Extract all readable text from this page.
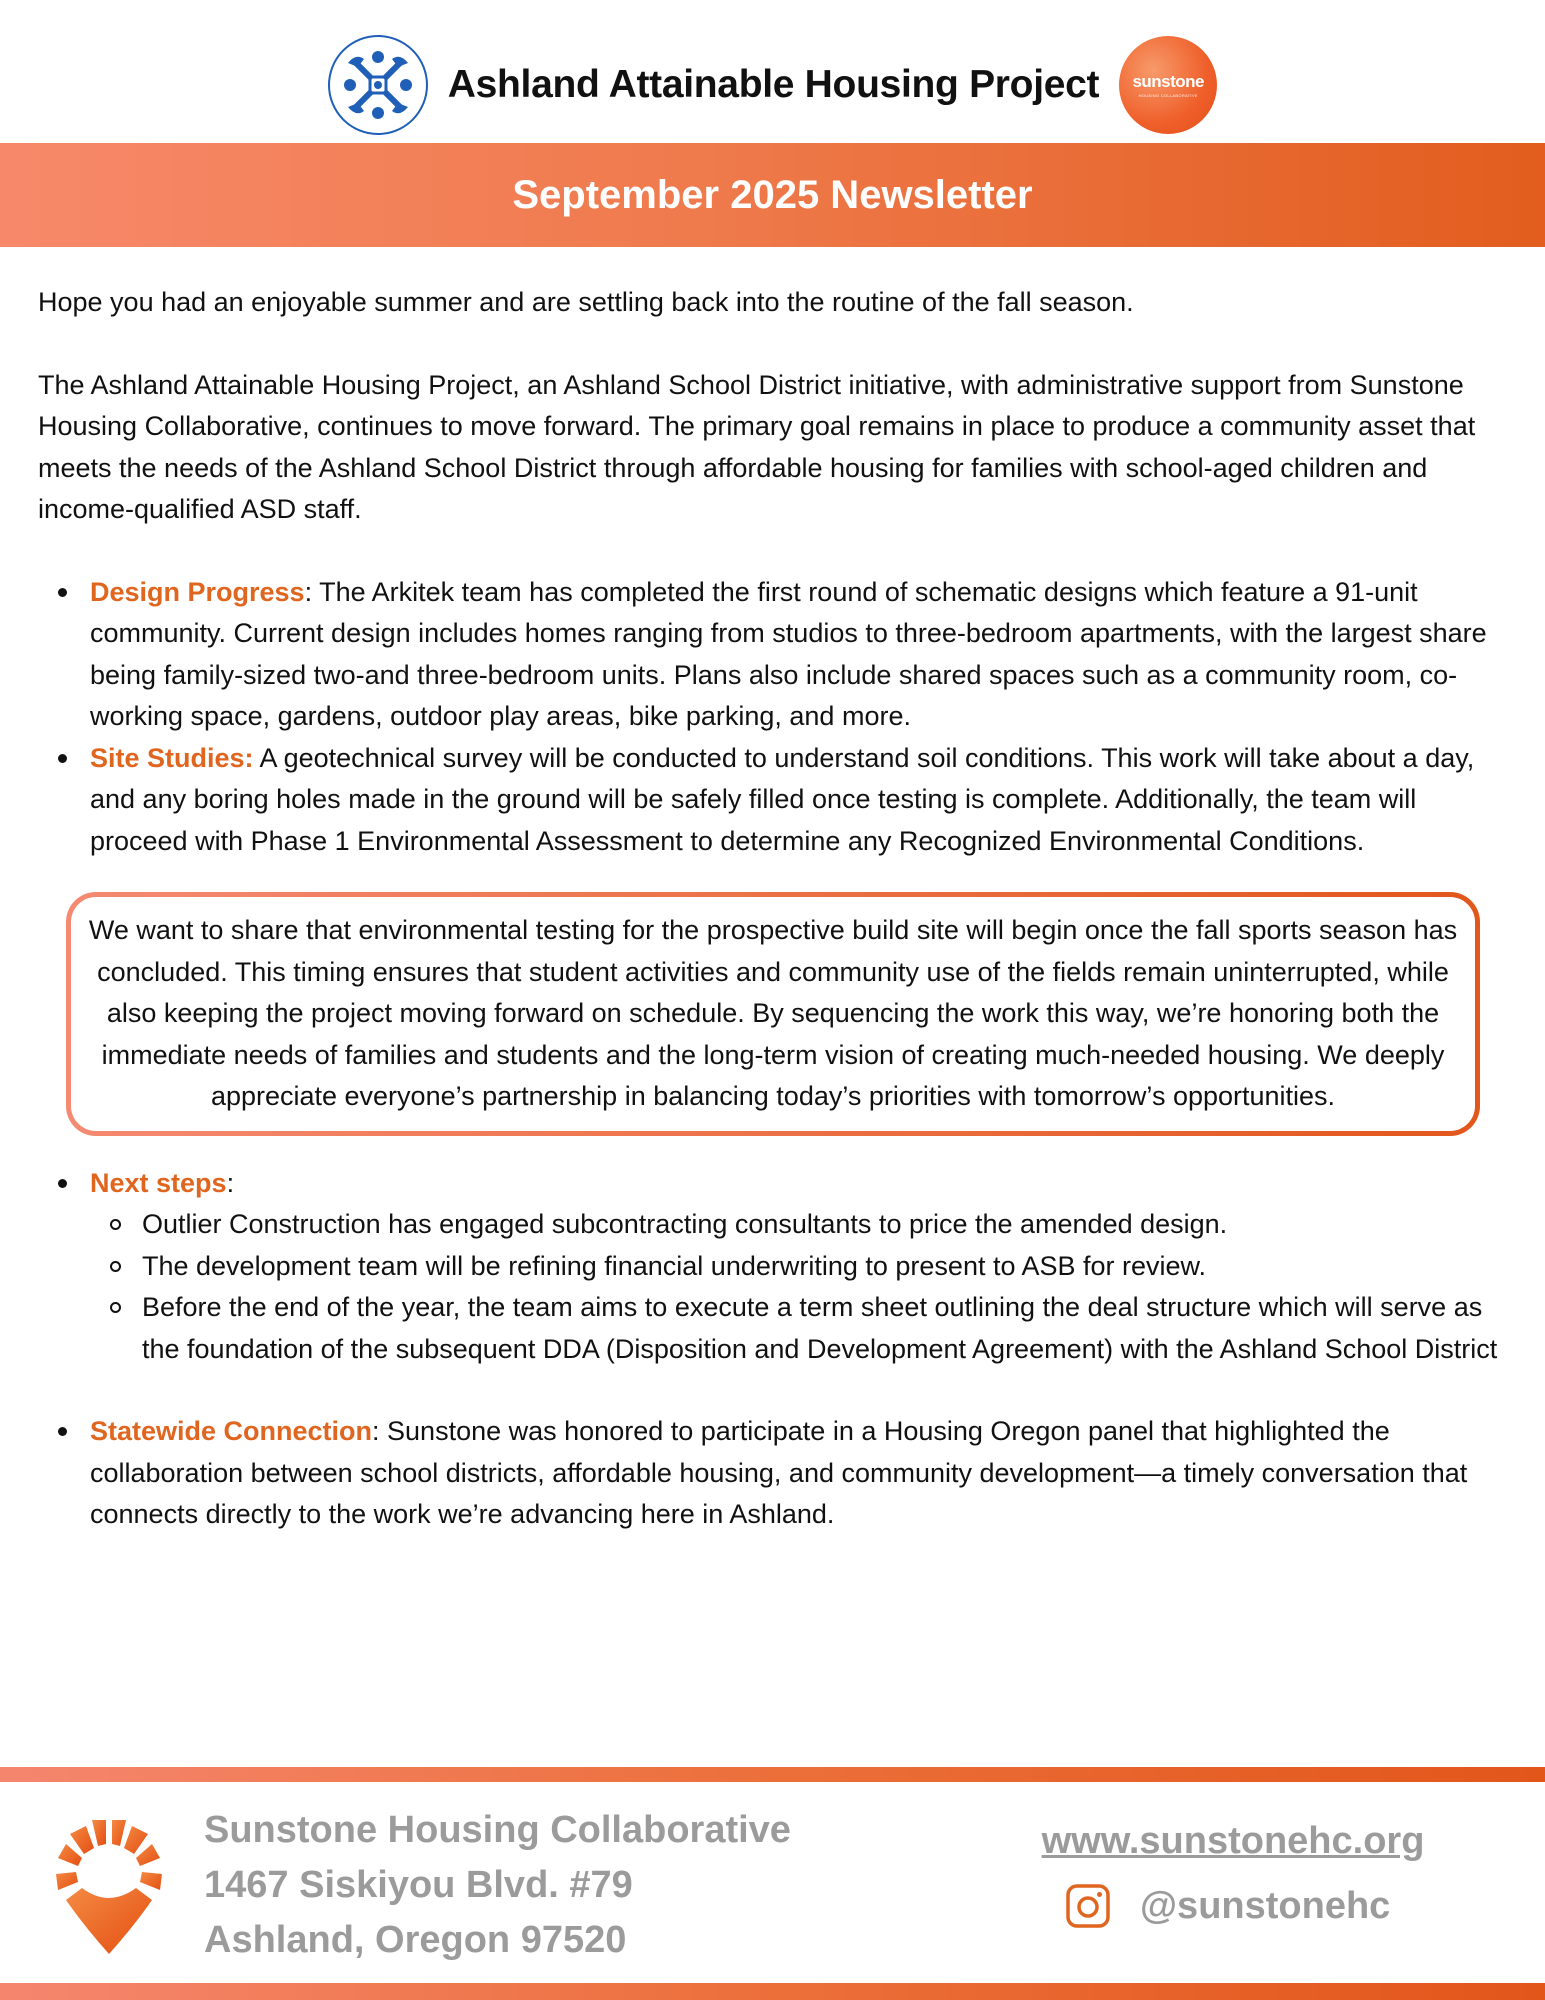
Ashland Attainable Housing Project sunstone
HOUSING COLLABORATIVE
September 2025 Newsletter

Hope you had an enjoyable summer and are settling back into the routine of the fall season.

The Ashland Attainable Housing Project, an Ashland School District initiative, with administrative support from Sunstone Housing Collaborative, continues to move forward. The primary goal remains in place to produce a community asset that meets the needs of the Ashland School District through affordable housing for families with school-aged children and income-qualified ASD staff.

Design Progress: The Arkitek team has completed the first round of schematic designs which feature a 91-unit community. Current design includes homes ranging from studios to three-bedroom apartments, with the largest share being family-sized two-and three-bedroom units. Plans also include shared spaces such as a community room, co-working space, gardens, outdoor play areas, bike parking, and more.
Site Studies: A geotechnical survey will be conducted to understand soil conditions. This work will take about a day, and any boring holes made in the ground will be safely filled once testing is complete. Additionally, the team will proceed with Phase 1 Environmental Assessment to determine any Recognized Environmental Conditions.
We want to share that environmental testing for the prospective build site will begin once the fall sports season has concluded. This timing ensures that student activities and community use of the fields remain uninterrupted, while also keeping the project moving forward on schedule. By sequencing the work this way, we’re honoring both the immediate needs of families and students and the long-term vision of creating much-needed housing. We deeply appreciate everyone’s partnership in balancing today’s priorities with tomorrow’s opportunities.
Next steps:
Outlier Construction has engaged subcontracting consultants to price the amended design.
The development team will be refining financial underwriting to present to ASB for review.
Before the end of the year, the team aims to execute a term sheet outlining the deal structure which will serve as the foundation of the subsequent DDA (Disposition and Development Agreement) with the Ashland School District
Statewide Connection: Sunstone was honored to participate in a Housing Oregon panel that highlighted the collaboration between school districts, affordable housing, and community development—a timely conversation that connects directly to the work we’re advancing here in Ashland.
Sunstone Housing Collaborative
1467 Siskiyou Blvd. #79
Ashland, Oregon 97520
www.sunstonehc.org
@sunstonehc
